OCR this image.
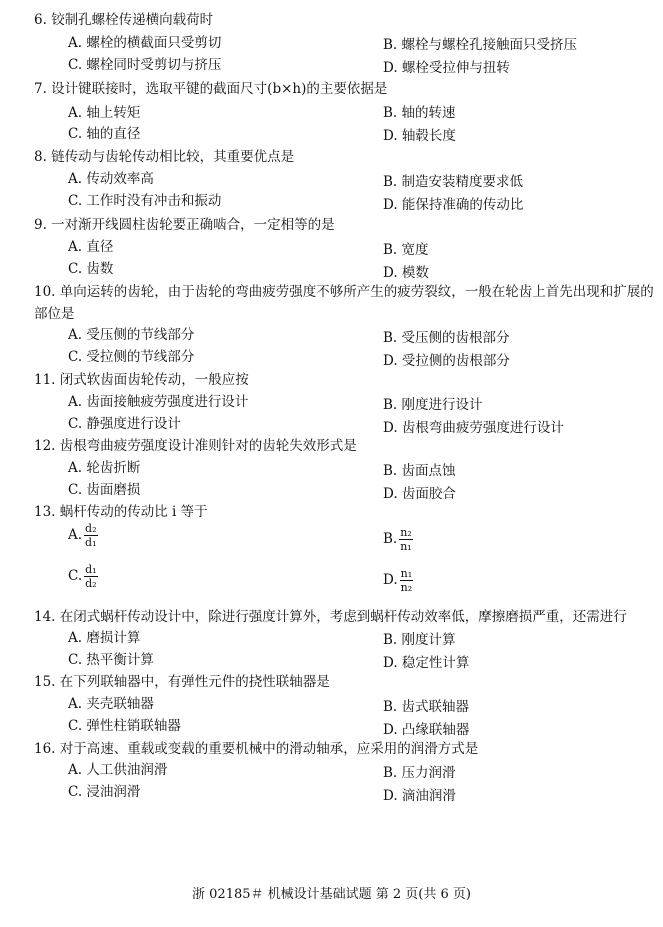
6. 铰制孔螺栓传递横向载荷时
A. 螺栓的横截面只受剪切	B. 螺栓与螺栓孔接触面只受挤压
C. 螺栓同时受剪切与挤压	D. 螺栓受拉伸与扭转
7. 设计键联接时，选取平键的截面尺寸(b×h)的主要依据是
A. 轴上转矩	B. 轴的转速
C. 轴的直径	D. 轴毂长度
8. 链传动与齿轮传动相比较，其重要优点是
A. 传动效率高	B. 制造安装精度要求低
C. 工作时没有冲击和振动	D. 能保持准确的传动比
9. 一对渐开线圆柱齿轮要正确啮合，一定相等的是
A. 直径	B. 宽度
C. 齿数	D. 模数
10. 单向运转的齿轮，由于齿轮的弯曲疲劳强度不够所产生的疲劳裂纹，一般在轮齿上首先出现和扩展的部位是
A. 受压侧的节线部分	B. 受压侧的齿根部分
C. 受拉侧的节线部分	D. 受拉侧的齿根部分
11. 闭式软齿面齿轮传动，一般应按
A. 齿面接触疲劳强度进行设计	B. 刚度进行设计
C. 静强度进行设计	D. 齿根弯曲疲劳强度进行设计
12. 齿根弯曲疲劳强度设计准则针对的齿轮失效形式是
A. 轮齿折断	B. 齿面点蚀
C. 齿面磨损	D. 齿面胶合
13. 蜗杆传动的传动比 i 等于
A. $\frac{\text{d₂}}{\text{d₁}}$	B. $\frac{\text{n₂}}{\text{n₁}}$
C. $\frac{\text{d₁}}{\text{d₂}}$	D. $\frac{\text{n₁}}{\text{n₂}}$
14. 在闭式蜗杆传动设计中，除进行强度计算外，考虑到蜗杆传动效率低，摩擦磨损严重，还需进行
A. 磨损计算	B. 刚度计算
C. 热平衡计算	D. 稳定性计算
15. 在下列联轴器中，有弹性元件的挠性联轴器是
A. 夹壳联轴器	B. 齿式联轴器
C. 弹性柱销联轴器	D. 凸缘联轴器
16. 对于高速、重载或变载的重要机械中的滑动轴承，应采用的润滑方式是
A. 人工供油润滑	B. 压力润滑
C. 浸油润滑	D. 滴油润滑
浙 02185＃ 机械设计基础试题 第 2 页(共 6 页)
